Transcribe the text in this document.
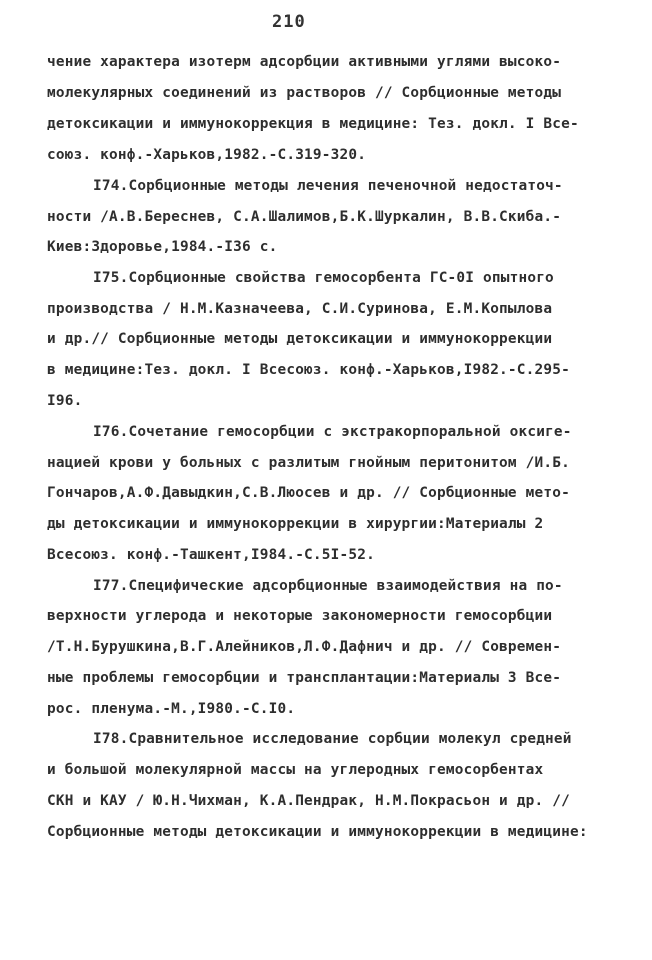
210
чение характера изотерм адсорбции активными углями высоко-
молекулярных соединений из растворов // Сорбционные методы
детоксикации и иммунокоррекция в медицине: Тез. докл. I Все-
союз. конф.-Харьков,1982.-С.319-320.
I74.Сорбционные методы лечения печеночной недостаточ-
ности /А.В.Береснев, С.А.Шалимов,Б.К.Шуркалин, В.В.Скиба.-
Киев:Здоровье,1984.-I36 с.
I75.Сорбционные свойства гемосорбента ГС-0I опытного
производства / Н.М.Казначеева, С.И.Суринова, Е.М.Копылова
и др.// Сорбционные методы детоксикации и иммунокоррекции
в медицине:Тез. докл. I Всесоюз. конф.-Харьков,I982.-С.295-
I96.
I76.Сочетание гемосорбции с экстракорпоральной оксиге-
нацией крови у больных с разлитым гнойным перитонитом /И.Б.
Гончаров,А.Ф.Давыдкин,С.В.Люосев и др. // Сорбционные мето-
ды детоксикации и иммунокоррекции в хирургии:Материалы 2
Всесоюз. конф.-Ташкент,I984.-С.5I-52.
I77.Специфические адсорбционные взаимодействия на по-
верхности углерода и некоторые закономерности гемосорбции
/Т.Н.Бурушкина,В.Г.Алейников,Л.Ф.Дафнич и др. // Современ-
ные проблемы гемосорбции и трансплантации:Материалы 3 Все-
рос. пленума.-М.,I980.-С.I0.
I78.Сравнительное исследование сорбции молекул средней
и большой молекулярной массы на углеродных гемосорбентах
СКН и КАУ / Ю.Н.Чихман, К.А.Пендрак, Н.М.Покрасьон и др. //
Сорбционные методы детоксикации и иммунокоррекции в медицине:
